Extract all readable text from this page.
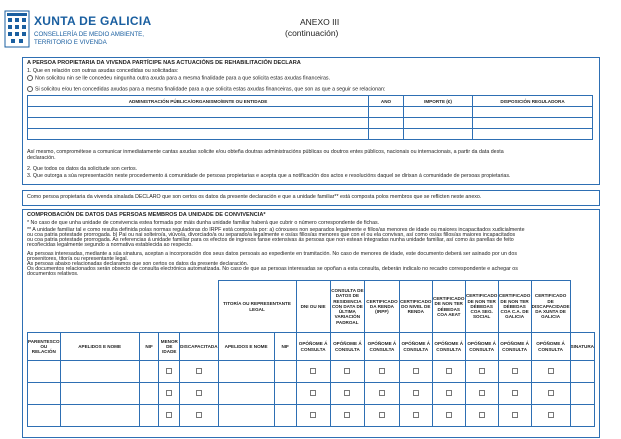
XUNTA DE GALICIA
CONSELLERÍA DE MEDIO AMBIENTE,
TERRITORIO E VIVENDA
ANEXO III
(continuación)
A PERSOA PROPIETARIA DA VIVENDA PARTÍCIPE NAS ACTUACIÓNS DE REHABILITACIÓN DECLARA
1. Que en relación con outras axudas concedidas ou solicitadas:
Non solicitou nin se lle concedeu ningunha outra axuda para a mesma finalidade para a que solicita estas axudas financeiras.
Si solicitou e/ou ten concedidas axudas para a mesma finalidade para a que solicita estas axudas financeiras, que son as que a seguir se relacionan:
ADMINISTRACIÓN PÚBLICA/ORGANISMO/ENTE OU ENTIDADE	ANO	IMPORTE (€)	DISPOSICIÓN REGULADORA

Así mesmo, comprométese a comunicar inmediatamente cantas axudas solicite e/ou obteña doutras administracións públicas ou doutros entes públicos, nacionais ou internacionais, a partir da data desta
declaración.
2. Que todos os datos da solicitude son certos.
3. Que outorga a súa representación neste procedemento á comunidade de persoas propietarias e acepta que a notificación dos actos e resolucións daquel se dirixan á comunidade de persoas propietarias.
Como persoa propietaria da vivenda sinalada DECLARO que son certos os datos da presente declaración e que a unidade familiar** está composta polos membros que se reflicten neste anexo.
COMPROBACIÓN DE DATOS DAS PERSOAS MEMBROS DA UNIDADE DE CONVIVENCIA*
* No caso de que unha unidade de convivencia estea formada por máis dunha unidade familiar haberá que cubrir o número correspondente de fichas.
** A unidade familiar tal e como resulta definida polas normas reguladoras do IRPF está composta por: a) cónxuxes non separados legalmente e fillos/as menores de idade ou maiores incapacitados xudicialmente
ou coa patria potestade prorrogada. b) Pai ou nai solteiro/a, viúvo/a, divorciado/a ou separado/a legalmente e os/as fillos/as menores que con el ou ela convivan, así como os/as fillos/as maiores incapacitados
ou coa patria potestade prorrogada. As referencias á unidade familiar para os efectos de ingresos fanse extensivas ás persoas que non estean integradas nunha unidade familiar, así como ás parellas de feito
recoñecidas legalmente segundo a normativa establecida ao respecto.
As persoas interesadas, mediante a súa sinatura, aceptan a incorporación dos seus datos persoais ao expediente en tramitación. No caso de menores de idade, este documento deberá ser asinado por un dos
proxenitores, titor/a ou representante legal.
As persoas abaixo relacionadas declaramos que son certos os datos da presente declaración.
Os documentos relacionados serán obxecto de consulta electrónica automatizada. No caso de que as persoas interesadas se opoñan a esta consulta, deberán indicalo no recadro correspondente e achegar os
documentos relativos.
					TITOR/A OU REPRESENTANTE LEGAL		DNI OU NIE	CONSULTA DE DATOS DE RESIDENCIA CON DATA DE ÚLTIMA VARIACIÓN PADROAL	CERTIFICADO DA RENDA (IRPF)	CERTIFICADO DO NIVEL DE RENDA	CERTIFICADO DE NON TER DÉBEDAS COA AEAT	CERTIFICADO DE NON TER DÉBEDAS COA SEG. SOCIAL	CERTIFICADO DE NON TER DÉBEDAS COA C.A. DE GALICIA	CERTIFICADO DE DISCAPACIDADE DA XUNTA DE GALICIA	
PARENTESCO OU RELACIÓN	APELIDOS E NOME	NIF	MENOR DE IDADE	DISCAPACITADA	APELIDOS E NOME	NIF	OPÓÑOME Á CONSULTA	OPÓÑOME Á CONSULTA	OPÓÑOME Á CONSULTA	OPÓÑOME Á CONSULTA	OPÓÑOME Á CONSULTA	OPÓÑOME Á CONSULTA	OPÓÑOME Á CONSULTA	OPÓÑOME Á CONSULTA	SINATURA
